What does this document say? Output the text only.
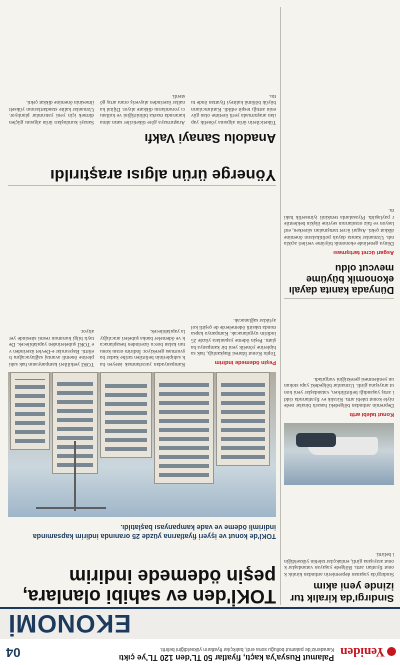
Yeniden
Palamut Rusya'ya kaçtı, fiyatlar 50 TL'den 120 TL'ye çıktı
Karadeniz'de palamut bolluğu sona erdi, balıkçılar fiyatların yükseldiğini belirtti.
04
EKONOMİ
Sındırgı'da kiralık tur izinde yeni akım
Sındırgı'da yaşanan depremlerin ardından kiralık konut fiyatları arttı. Bölgede yaşayan vatandaşlar konut arayışına girdi, emlakçılar talebin yükseldiğini belirtti.
Konut talebi arttı
Depremin ardından bölgedeki hasarlı binalar nedeniyle konut talebi arttı. Kiralık ev fiyatlarında ciddi artış yaşandığı belirtilirken, vatandaşlar yeni konut arayışına girdi. Uzmanlar bölgedeki yapı stokunun yenilenmesi gerektiğini vurguladı.
Dünyada kanıta dayalı ekonomik büyüme mevcut oldu
Asgari ücret tartışması
Dünya genelinde ekonomik büyüme verileri açıklandı. Uzmanlar kanıta dayalı politikaların önemine dikkat çekti. Asgari ücret tartışmaları sürerken, enflasyon ve faiz oranlarının seyrine ilişkin beklentiler paylaşıldı. Piyasalarda temkinli iyimserlik hakim.
TOKİ'den ev sahibi olanlara, peşin ödemede indirim
TOKİ'de konut ve işyeri fiyatlarına yüzde 25 oranında indirim kapsamında indirimli ödeme ve vade kampanyası başlatıldı.
Peşin ödemede indirim
Toplu Konut İdaresi Başkanlığı, hak sahiplerine yönelik yeni bir kampanya başlattı. Peşin ödeme yapanlara yüzde 25 indirim uygulanacak. Kampanya kapsamında taksitli ödemelerde de çeşitli kolaylıklar sağlanacak.
Kampanyadan yararlanmak isteyen hak sahiplerinin belirtilen tarihe kadar başvurması gerekiyor. İndirim oranı konutun kalan borcu üzerinden hesaplanacak ve ödemeler banka şubeleri aracılığıyla yapılabilecek.
TOKİ yetkilileri kampanyanın hak sahiplerine önemli avantaj sağlayacağını belirtti. Başvurular e-Devlet üzerinden ve TOKİ şubelerinden yapılabilecek. Detaylı bilgi kurumun resmi sitesinde yer alıyor.
Yönerge ürün algısı araştırıldı
Anadolu Sanayi Vakfı
Tüketicilerin ürün algısına yönelik yapılan araştırmada yerli üretime olan güvenin arttığı tespit edildi. Katılımcıların büyük bölümü kaliteyi fiyattan önde tuttu.
Araştırmaya göre tüketiciler satın alma kararında marka bilinirliğini ve kullanıcı yorumlarını dikkate alıyor. Dijital kanallar üzerinden alışveriş oranı artış gösterdi.
Sanayi kuruluşları ürün algısını güçlendirmek için yeni yatırımlar planlıyor. Uzmanlar kalite standartlarının yükseltilmesinin önemine dikkat çekti.
